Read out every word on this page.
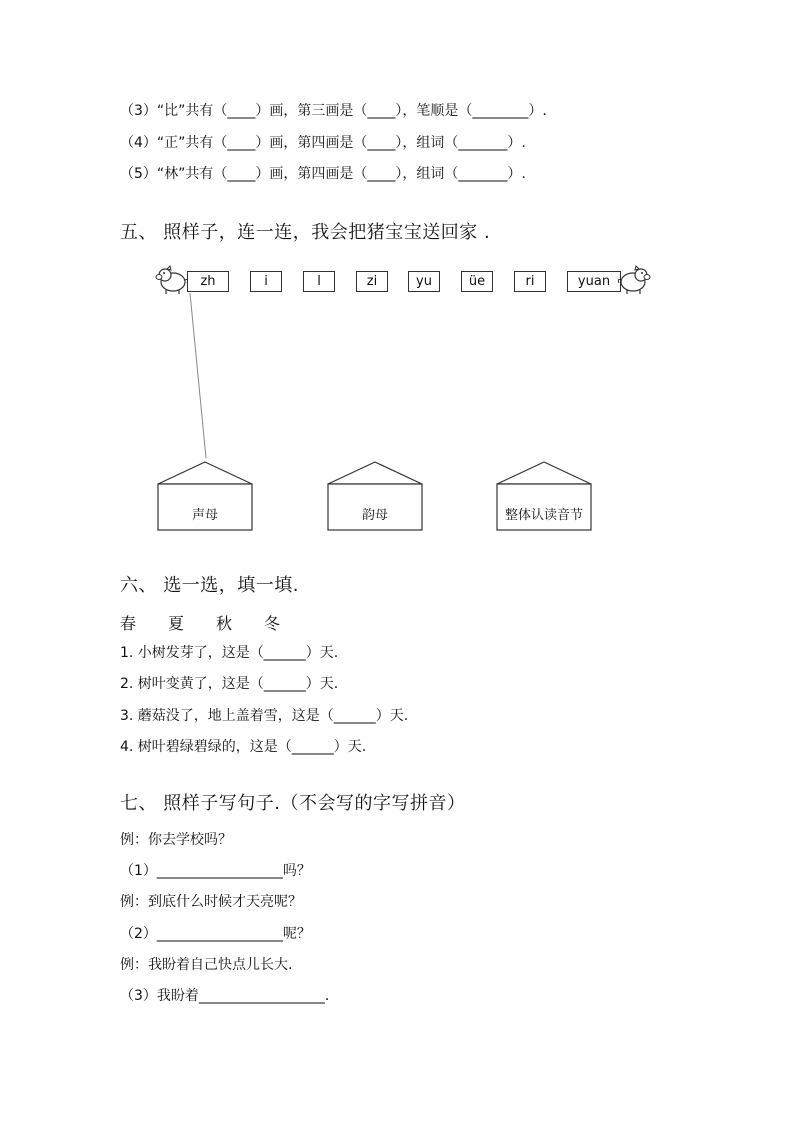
（3）“比”共有（____）画，第三画是（____），笔顺是（________）.
（4）“正”共有（____）画，第四画是（____），组词（_______）.
（5）“林”共有（____）画，第四画是（____），组词（_______）.
五、 照样子，连一连，我会把猪宝宝送回家 .
zh	i	l	zi	yu	üe	ri	yuan
声母	韵母	整体认读音节
六、 选一选，填一填.
春 夏 秋 冬
1. 小树发芽了，这是（______）天.
2. 树叶变黄了，这是（______）天.
3. 蘑菇没了，地上盖着雪，这是（______）天.
4. 树叶碧绿碧绿的，这是（______）天.
七、 照样子写句子.（不会写的字写拼音）
例：你去学校吗？
（1）__________________吗？
例：到底什么时候才天亮呢？
（2）__________________呢？
例：我盼着自己快点儿长大.
（3）我盼着__________________.
